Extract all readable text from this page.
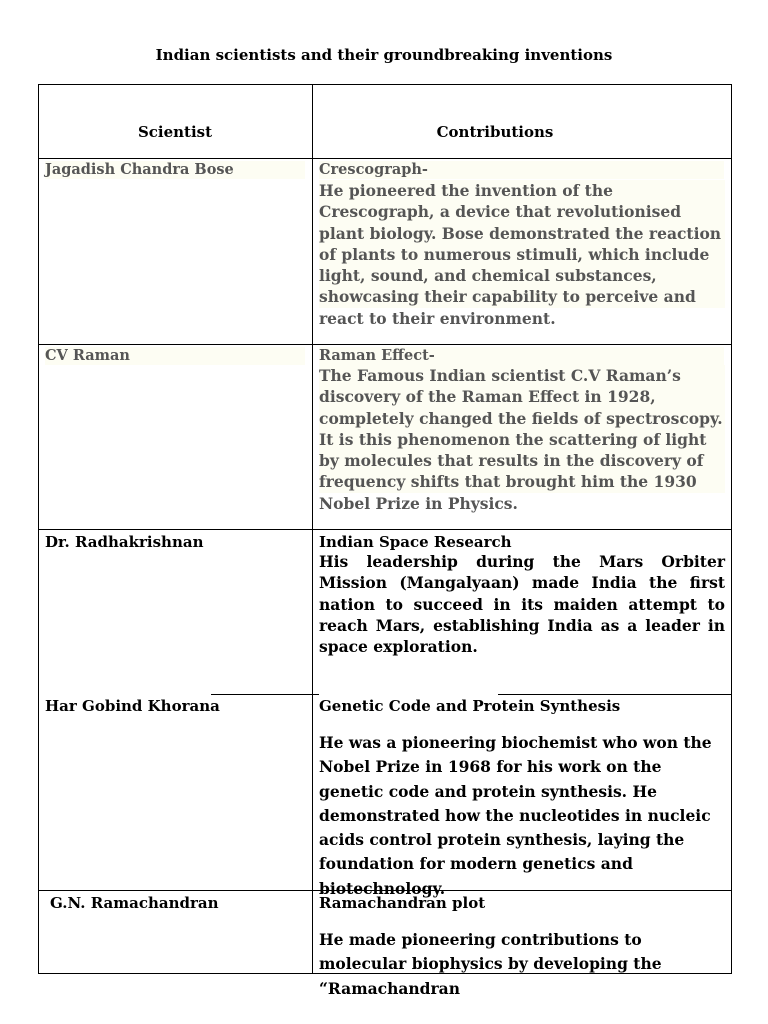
Indian scientists and their groundbreaking inventions
Scientist	Contributions
Jagadish Chandra Bose	Crescograph-
He pioneered the invention of the Crescograph, a device that revolutionised plant biology. Bose demonstrated the reaction of plants to numerous stimuli, which include light, sound, and chemical substances, showcasing their capability to perceive and react to their environment.
CV Raman	Raman Effect-
The Famous Indian scientist C.V Raman’s discovery of the Raman Effect in 1928, completely changed the fields of spectroscopy. It is this phenomenon the scattering of light by molecules that results in the discovery of frequency shifts that brought him the 1930 Nobel Prize in Physics.
Dr. Radhakrishnan	Indian Space Research
His leadership during the Mars Orbiter Mission (Mangalyaan) made India the first nation to succeed in its maiden attempt to reach Mars, establishing India as a leader in space exploration.
Har Gobind Khorana	Genetic Code and Protein Synthesis
He was a pioneering biochemist who won the Nobel Prize in 1968 for his work on the genetic code and protein synthesis. He demonstrated how the nucleotides in nucleic acids control protein synthesis, laying the foundation for modern genetics and biotechnology.
G.N. Ramachandran	Ramachandran plot
He made pioneering contributions to molecular biophysics by developing the “Ramachandran
